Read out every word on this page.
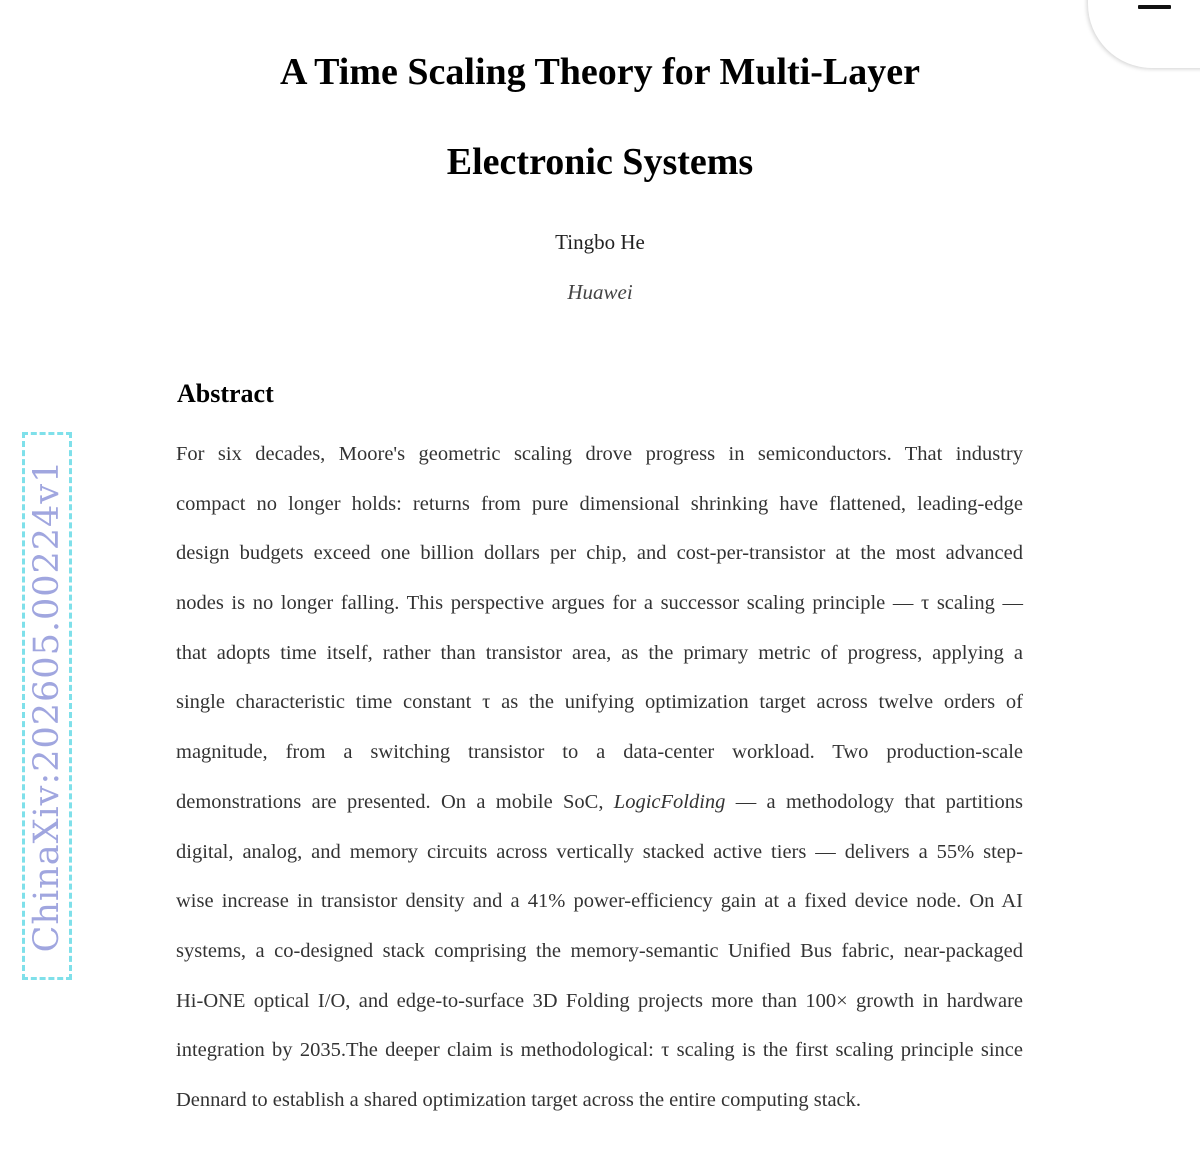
A Time Scaling Theory for Multi-Layer
Electronic Systems
Tingbo He
Huawei
Abstract
For six decades, Moore's geometric scaling drove progress in semiconductors. That industry
compact no longer holds: returns from pure dimensional shrinking have flattened, leading-edge
design budgets exceed one billion dollars per chip, and cost-per-transistor at the most advanced
nodes is no longer falling. This perspective argues for a successor scaling principle — τ scaling —
that adopts time itself, rather than transistor area, as the primary metric of progress, applying a
single characteristic time constant τ as the unifying optimization target across twelve orders of
magnitude, from a switching transistor to a data-center workload. Two production-scale
demonstrations are presented. On a mobile SoC, LogicFolding — a methodology that partitions
digital, analog, and memory circuits across vertically stacked active tiers — delivers a 55% step-
wise increase in transistor density and a 41% power-efficiency gain at a fixed device node. On AI
systems, a co-designed stack comprising the memory-semantic Unified Bus fabric, near-packaged
Hi-ONE optical I/O, and edge-to-surface 3D Folding projects more than 100× growth in hardware
integration by 2035.The deeper claim is methodological: τ scaling is the first scaling principle since
Dennard to establish a shared optimization target across the entire computing stack.
ChinaXiv:202605.00224v1
